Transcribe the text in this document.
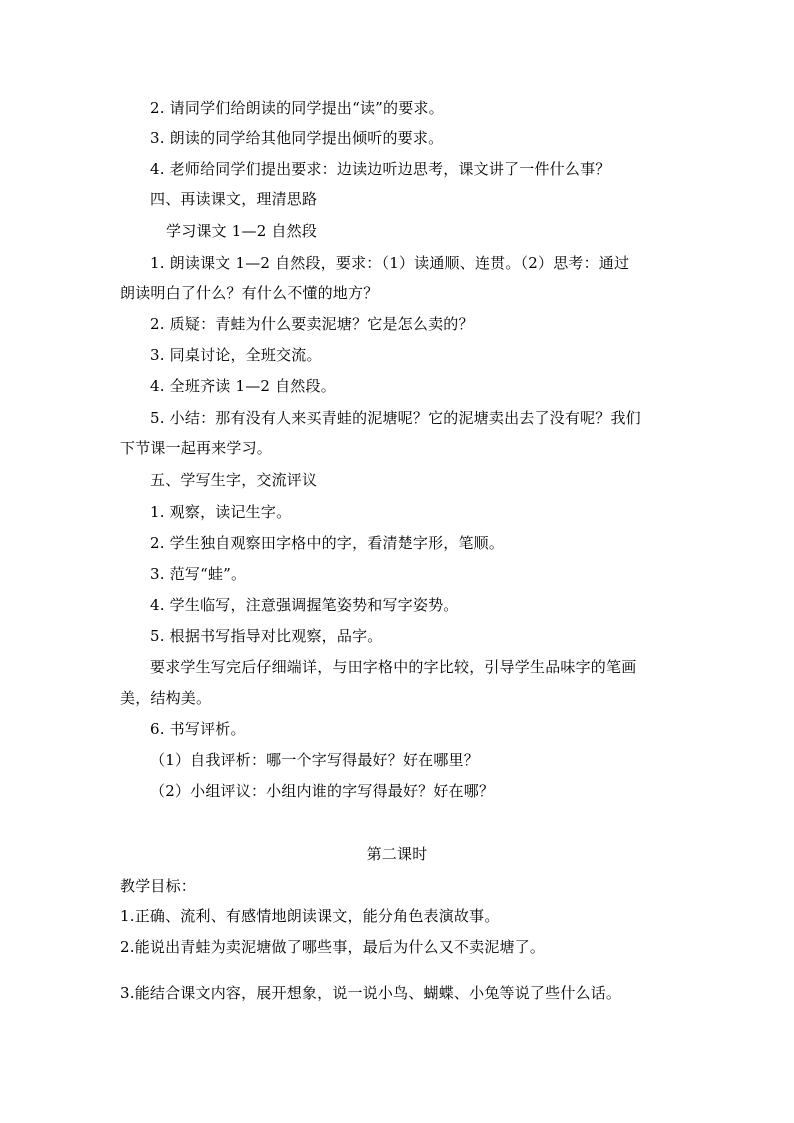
2. 请同学们给朗读的同学提出“读”的要求。
3. 朗读的同学给其他同学提出倾听的要求。
4. 老师给同学们提出要求：边读边听边思考，课文讲了一件什么事？
四、再读课文，理清思路
学习课文 1—2 自然段
1. 朗读课文 1—2 自然段，要求：（1）读通顺、连贯。（2）思考：通过
朗读明白了什么？有什么不懂的地方？
2. 质疑：青蛙为什么要卖泥塘？它是怎么卖的？
3. 同桌讨论，全班交流。
4. 全班齐读 1—2 自然段。
5. 小结：那有没有人来买青蛙的泥塘呢？它的泥塘卖出去了没有呢？我们
下节课一起再来学习。
五、学写生字，交流评议
1. 观察，读记生字。
2. 学生独自观察田字格中的字，看清楚字形，笔顺。
3. 范写“蛙”。
4. 学生临写，注意强调握笔姿势和写字姿势。
5. 根据书写指导对比观察，品字。
要求学生写完后仔细端详，与田字格中的字比较，引导学生品味字的笔画
美，结构美。
6. 书写评析。
（1）自我评析：哪一个字写得最好？好在哪里？
（2）小组评议：小组内谁的字写得最好？好在哪？
第二课时
教学目标：
1.正确、流利、有感情地朗读课文，能分角色表演故事。
2.能说出青蛙为卖泥塘做了哪些事，最后为什么又不卖泥塘了。
3.能结合课文内容，展开想象，说一说小鸟、蝴蝶、小兔等说了些什么话。
